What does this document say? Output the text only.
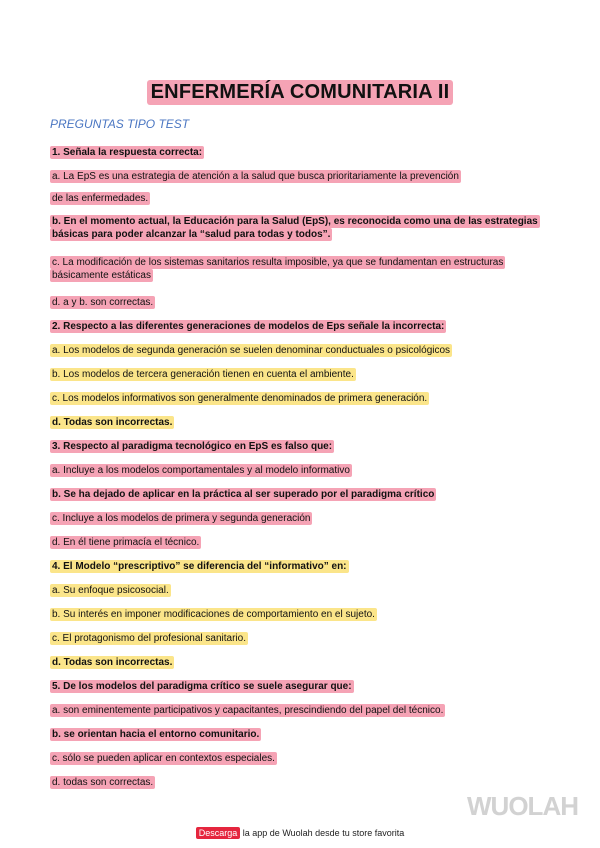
ENFERMERÍA COMUNITARIA II
PREGUNTAS TIPO TEST
1. Señala la respuesta correcta:
a. La EpS es una estrategia de atención a la salud que busca prioritariamente la prevención
de las enfermedades.
b. En el momento actual, la Educación para la Salud (EpS), es reconocida como una de las estrategias básicas para poder alcanzar la “salud para todas y todos”.
c. La modificación de los sistemas sanitarios resulta imposible, ya que se fundamentan en estructuras básicamente estáticas
d. a y b. son correctas.
2. Respecto a las diferentes generaciones de modelos de Eps señale la incorrecta:
a. Los modelos de segunda generación se suelen denominar conductuales o psicológicos
b. Los modelos de tercera generación tienen en cuenta el ambiente.
c. Los modelos informativos son generalmente denominados de primera generación.
d. Todas son incorrectas.
3. Respecto al paradigma tecnológico en EpS es falso que:
a. Incluye a los modelos comportamentales y al modelo informativo
b. Se ha dejado de aplicar en la práctica al ser superado por el paradigma crítico
c. Incluye a los modelos de primera y segunda generación
d. En él tiene primacía el técnico.
4. El Modelo “prescriptivo” se diferencia del “informativo” en:
a. Su enfoque psicosocial.
b. Su interés en imponer modificaciones de comportamiento en el sujeto.
c. El protagonismo del profesional sanitario.
d. Todas son incorrectas.
5. De los modelos del paradigma crítico se suele asegurar que:
a. son eminentemente participativos y capacitantes, prescindiendo del papel del técnico.
b. se orientan hacia el entorno comunitario.
c. sólo se pueden aplicar en contextos especiales.
d. todas son correctas.
WUOLAH
Descarga la app de Wuolah desde tu store favorita
